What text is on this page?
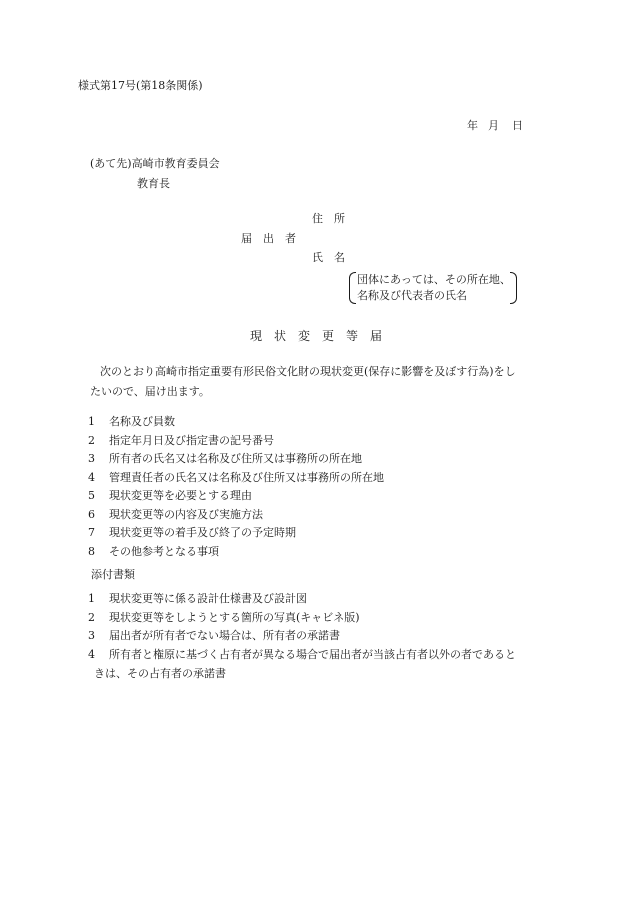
様式第17号(第18条関係)
年 月 日
(あて先)高崎市教育委員会
教育長
住　所
届　出　者
氏　名
団体にあっては、その所在地、
名称及び代表者の氏名
現　状　変　更　等　届
次のとおり高崎市指定重要有形民俗文化財の現状変更(保存に影響を及ぼす行為)をし
たいので、届け出ます。
1 名称及び員数
2 指定年月日及び指定書の記号番号
3 所有者の氏名又は名称及び住所又は事務所の所在地
4 管理責任者の氏名又は名称及び住所又は事務所の所在地
5 現状変更等を必要とする理由
6 現状変更等の内容及び実施方法
7 現状変更等の着手及び終了の予定時期
8 その他参考となる事項
添付書類
1 現状変更等に係る設計仕様書及び設計図
2 現状変更等をしようとする箇所の写真(キャビネ版)
3 届出者が所有者でない場合は、所有者の承諾書
4 所有者と権原に基づく占有者が異なる場合で届出者が当該占有者以外の者であると
きは、その占有者の承諾書
